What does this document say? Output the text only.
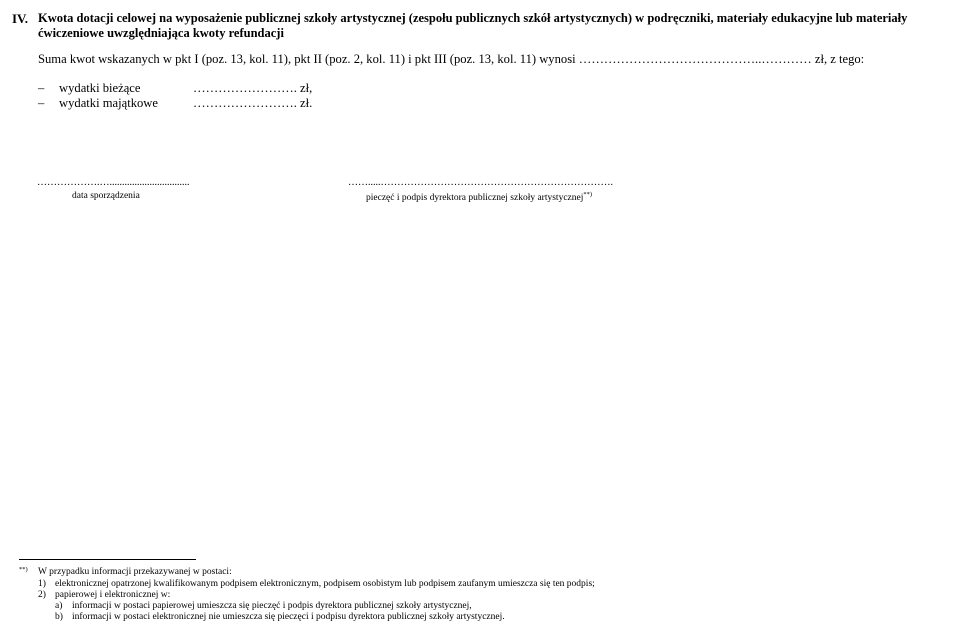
IV. Kwota dotacji celowej na wyposażenie publicznej szkoły artystycznej (zespołu publicznych szkół artystycznych) w podręczniki, materiały edukacyjne lub materiały ćwiczeniowe uwzględniająca kwoty refundacji
Suma kwot wskazanych w pkt I (poz. 13, kol. 11), pkt II (poz. 2, kol. 11) i pkt III (poz. 13, kol. 11) wynosi ……………………………………..………… zł, z tego:
– wydatki bieżące	……………………. zł,
– wydatki majątkowe	……………………. zł.
……………….…................................
data sporządzenia
…….....…………………………………………………………….
pieczęć i podpis dyrektora publicznej szkoły artystycznej**)
**) W przypadku informacji przekazywanej w postaci:
1) elektronicznej opatrzonej kwalifikowanym podpisem elektronicznym, podpisem osobistym lub podpisem zaufanym umieszcza się ten podpis;
2) papierowej i elektronicznej w:
a) informacji w postaci papierowej umieszcza się pieczęć i podpis dyrektora publicznej szkoły artystycznej,
b) informacji w postaci elektronicznej nie umieszcza się pieczęci i podpisu dyrektora publicznej szkoły artystycznej.
